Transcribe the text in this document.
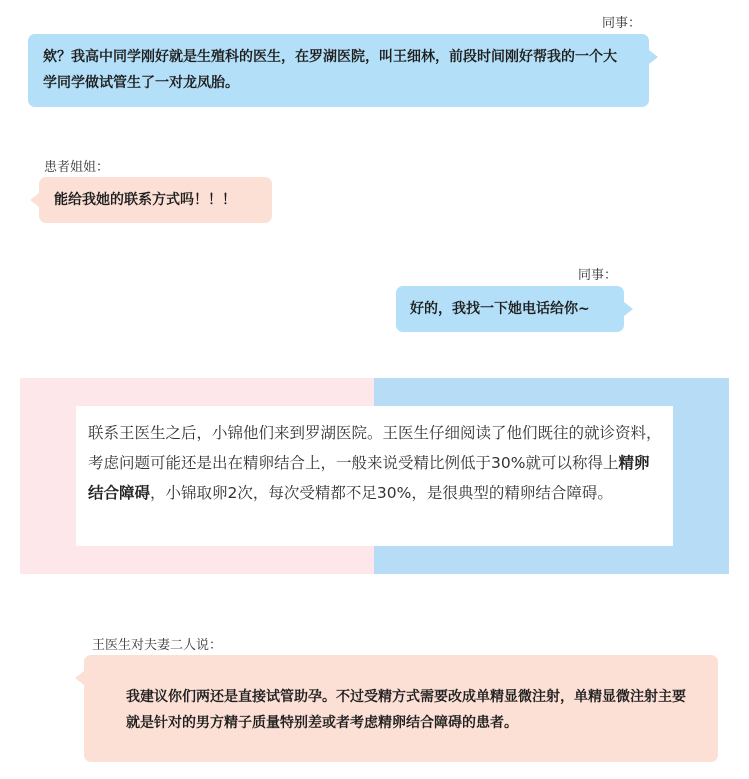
同事：
欸？我高中同学刚好就是生殖科的医生，在罗湖医院，叫王细林，前段时间刚好帮我的一个大学同学做试管生了一对龙凤胎。
患者姐姐：
能给我她的联系方式吗！！！
同事：
好的，我找一下她电话给你~
联系王医生之后，小锦他们来到罗湖医院。王医生仔细阅读了他们既往的就诊资料，考虑问题可能还是出在精卵结合上，一般来说受精比例低于30%就可以称得上精卵结合障碍，小锦取卵2次，每次受精都不足30%，是很典型的精卵结合障碍。
王医生对夫妻二人说：
我建议你们两还是直接试管助孕。不过受精方式需要改成单精显微注射，单精显微注射主要就是针对的男方精子质量特别差或者考虑精卵结合障碍的患者。
